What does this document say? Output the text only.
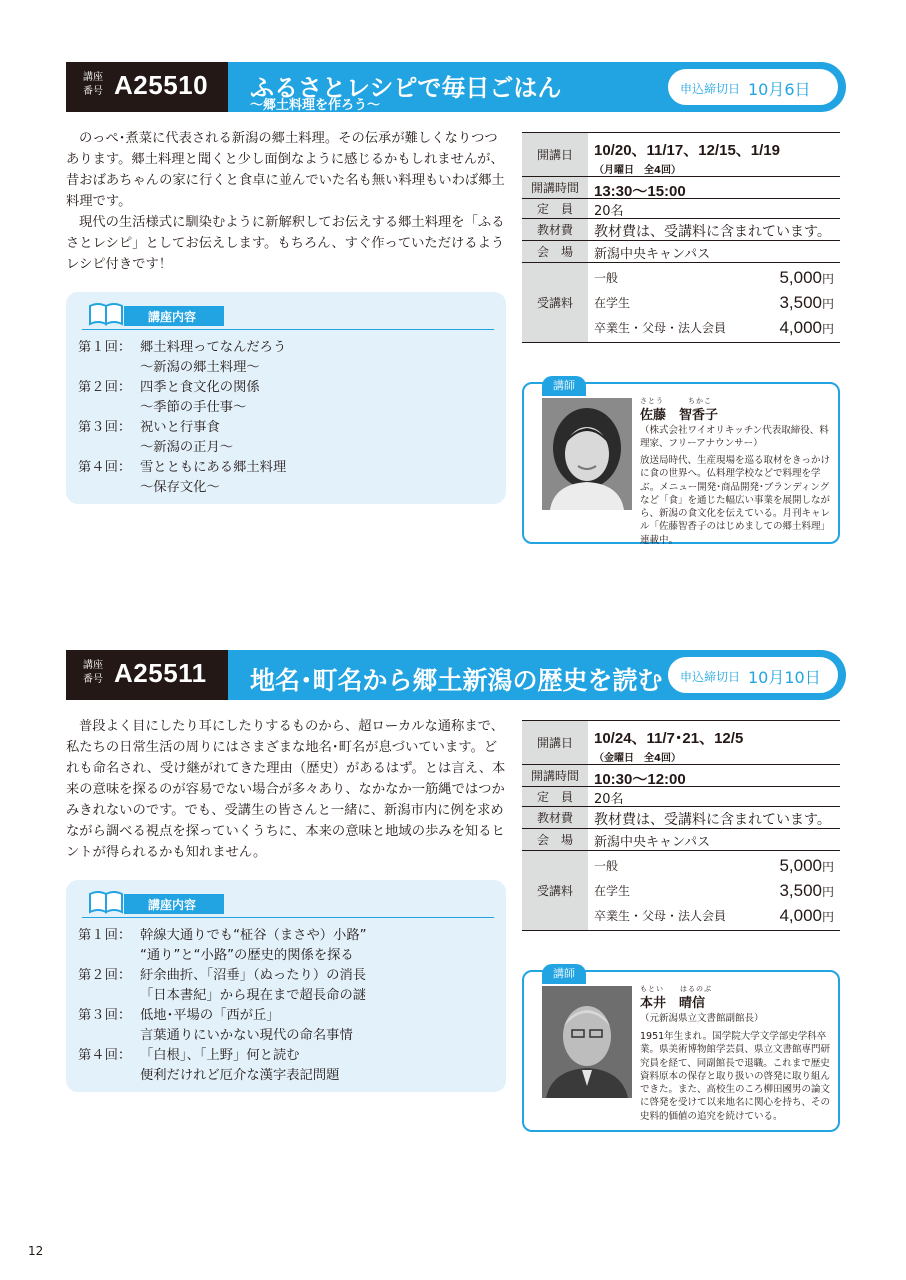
講座番号 A25510 ふるさとレシピで毎日ごはん
～郷土料理を作ろう～
申込締切日 10月6日

のっぺ･煮菜に代表される新潟の郷土料理。その伝承が難しくなりつつあります。郷土料理と聞くと少し面倒なように感じるかもしれませんが、昔おばあちゃんの家に行くと食卓に並んでいた名も無い料理もいわば郷土料理です。

現代の生活様式に馴染むように新解釈してお伝えする郷土料理を「ふるさとレシピ」としてお伝えします。もちろん、すぐ作っていただけるようレシピ付きです！

開講日	10/20、11/17、12/15、1/19
（月曜日　全4回）
開講時間	13:30～15:00
定　員	20名
教材費	教材費は、受講料に含まれています。
会　場	新潟中央キャンパス
受講料
一般	5,000円
在学生	3,500円
卒業生・父母・法人会員	4,000円
講座内容
第１回： 郷土料理ってなんだろう
～新潟の郷土料理～
第２回： 四季と食文化の関係
～季節の手仕事～
第３回： 祝いと行事食
～新潟の正月～
第４回： 雪とともにある郷土料理
～保存文化～
講師
さとう　　　ちかこ
佐藤　智香子
（株式会社ワイオリキッチン代表取締役、料理家、フリーアナウンサー）
放送局時代、生産現場を巡る取材をきっかけに食の世界へ。仏料理学校などで料理を学ぶ。メニュー開発･商品開発･ブランディングなど「食」を通じた幅広い事業を展開しながら、新潟の食文化を伝えている。月刊キャレル「佐藤智香子のはじめましての郷土料理」連載中。
講座番号 A25511 地名･町名から郷土新潟の歴史を読む 申込締切日 10月10日

普段よく目にしたり耳にしたりするものから、超ローカルな通称まで、私たちの日常生活の周りにはさまざまな地名･町名が息づいています。どれも命名され、受け継がれてきた理由（歴史）があるはず。とは言え、本来の意味を探るのが容易でない場合が多々あり、なかなか一筋縄ではつかみきれないのです。でも、受講生の皆さんと一緒に、新潟市内に例を求めながら調べる視点を探っていくうちに、本来の意味と地域の歩みを知るヒントが得られるかも知れません。

開講日	10/24、11/7･21、12/5
（金曜日　全4回）
開講時間	10:30～12:00
定　員	20名
教材費	教材費は、受講料に含まれています。
会　場	新潟中央キャンパス
受講料
一般	5,000円
在学生	3,500円
卒業生・父母・法人会員	4,000円
講座内容
第１回： 幹線大通りでも“柾谷（まさや）小路”
“通り”と“小路”の歴史的関係を探る
第２回： 紆余曲折、「沼垂」（ぬったり）の消長
「日本書紀」から現在まで超長命の謎
第３回： 低地･平場の「西が丘」
言葉通りにいかない現代の命名事情
第４回： 「白根」、「上野」何と読む
便利だけれど厄介な漢字表記問題
講師
もとい　　はるのぶ
本井　晴信
（元新潟県立文書館副館長）
1951年生まれ。国学院大学文学部史学科卒業。県美術博物館学芸員、県立文書館専門研究員を経て、同副館長で退職。これまで歴史資料原本の保存と取り扱いの啓発に取り組んできた。また、高校生のころ柳田國男の論文に啓発を受けて以来地名に関心を持ち、その史料的価値の追究を続けている。
12
